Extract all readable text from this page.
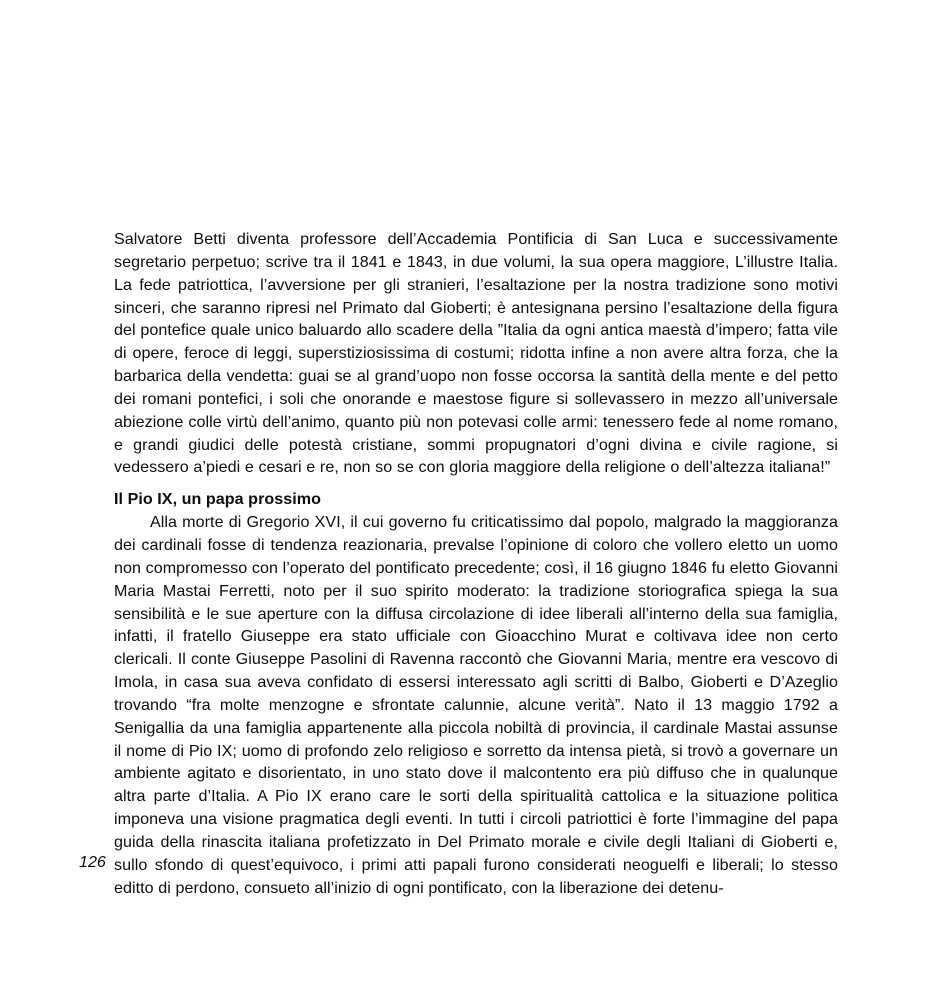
Salvatore Betti diventa professore dell’Accademia Pontificia di San Luca e successivamente segretario perpetuo; scrive tra il 1841 e 1843, in due volumi, la sua opera maggiore, L’illustre Italia. La fede patriottica, l’avversione per gli stranieri, l’esaltazione per la nostra tradizione sono motivi sinceri, che saranno ripresi nel Primato dal Gioberti; è antesignana persino l’esaltazione della figura del pontefice quale unico baluardo allo scadere della ”Italia da ogni antica maestà d’impero; fatta vile di opere, feroce di leggi, superstiziosissima di costumi; ridotta infine a non avere altra forza, che la barbarica della vendetta: guai se al grand’uopo non fosse occorsa la santità della mente e del petto dei romani pontefici, i soli che onorande e maestose figure si sollevassero in mezzo all’universale abiezione colle virtù dell’animo, quanto più non potevasi colle armi: tenessero fede al nome romano, e grandi giudici delle potestà cristiane, sommi propugnatori d’ogni divina e civile ragione, si vedessero a’piedi e cesari e re, non so se con gloria maggiore della religione o dell’altezza italiana!”

Il Pio IX, un papa prossimo

Alla morte di Gregorio XVI, il cui governo fu criticatissimo dal popolo, malgrado la maggioranza dei cardinali fosse di tendenza reazionaria, prevalse l’opinione di coloro che vollero eletto un uomo non compromesso con l’operato del pontificato precedente; così, il 16 giugno 1846 fu eletto Giovanni Maria Mastai Ferretti, noto per il suo spirito moderato: la tradizione storiografica spiega la sua sensibilità e le sue aperture con la diffusa circolazione di idee liberali all’interno della sua famiglia, infatti, il fratello Giuseppe era stato ufficiale con Gioacchino Murat e coltivava idee non certo clericali. Il conte Giuseppe Pasolini di Ravenna raccontò che Giovanni Maria, mentre era vescovo di Imola, in casa sua aveva confidato di essersi interessato agli scritti di Balbo, Gioberti e D’Azeglio trovando “fra molte menzogne e sfrontate calunnie, alcune verità”. Nato il 13 maggio 1792 a Senigallia da una famiglia appartenente alla piccola nobiltà di provincia, il cardinale Mastai assunse il nome di Pio IX; uomo di profondo zelo religioso e sorretto da intensa pietà, si trovò a governare un ambiente agitato e disorientato, in uno stato dove il malcontento era più diffuso che in qualunque altra parte d’Italia. A Pio IX erano care le sorti della spiritualità cattolica e la situazione politica imponeva una visione pragmatica degli eventi. In tutti i circoli patriottici è forte l’immagine del papa guida della rinascita italiana profetizzato in Del Primato morale e civile degli Italiani di Gioberti e, sullo sfondo di quest’equivoco, i primi atti papali furono considerati neoguelfi e liberali; lo stesso editto di perdono, consueto all’inizio di ogni pontificato, con la liberazione dei detenu-

126
